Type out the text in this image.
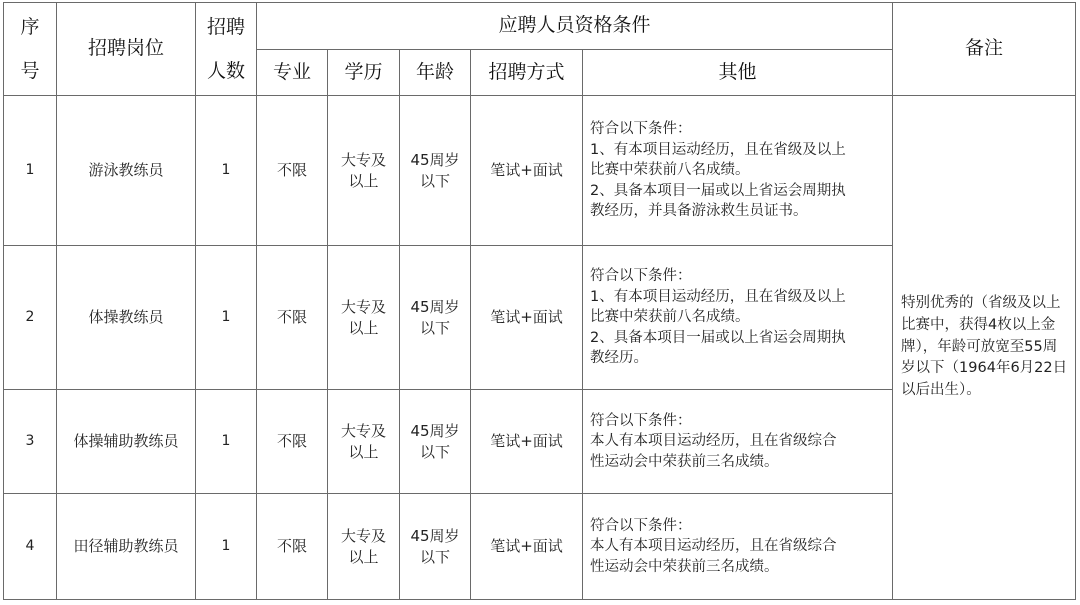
序号	招聘岗位	招聘人数	应聘人员资格条件					备注
			专业	学历	年龄	招聘方式	其他	
1	游泳教练员	1	不限	大专及以上	45周岁以下	笔试+面试	符合以下条件：
1、有本项目运动经历，且在省级及以上
比赛中荣获前八名成绩。
2、具备本项目一届或以上省运会周期执
教经历，并具备游泳救生员证书。	特别优秀的（省级及以上比赛中，获得4枚以上金牌），年龄可放宽至55周岁以下（1964年6月22日以后出生）。

2	体操教练员	1	不限	大专及以上	45周岁以下	笔试+面试	符合以下条件：
1、有本项目运动经历，且在省级及以上
比赛中荣获前八名成绩。
2、具备本项目一届或以上省运会周期执
教经历。	

3	体操辅助教练员	1	不限	大专及以上	45周岁以下	笔试+面试	符合以下条件：
本人有本项目运动经历，且在省级综合
性运动会中荣获前三名成绩。	

4	田径辅助教练员	1	不限	大专及以上	45周岁以下	笔试+面试	符合以下条件：
本人有本项目运动经历，且在省级综合
性运动会中荣获前三名成绩。	
